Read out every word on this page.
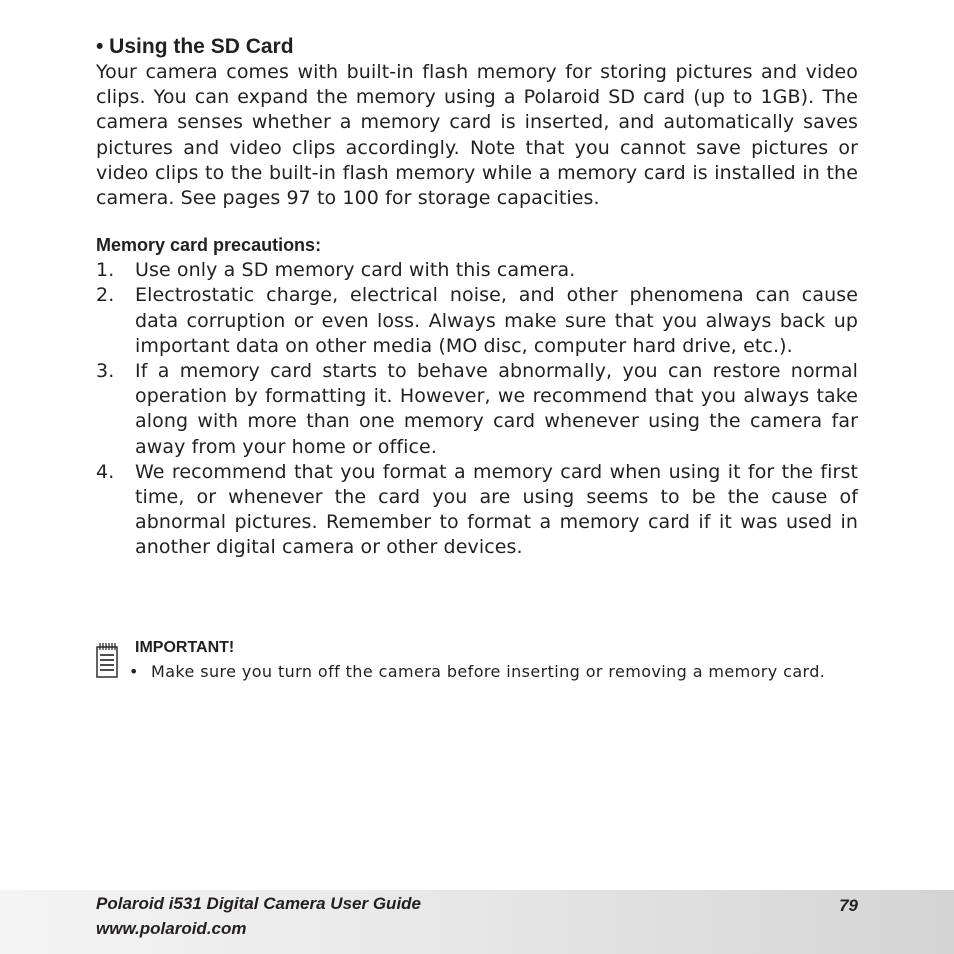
• Using the SD Card
Your camera comes with built-in flash memory for storing pictures and video clips. You can expand the memory using a Polaroid SD card (up to 1GB). The camera senses whether a memory card is inserted, and automatically saves pictures and video clips accordingly. Note that you cannot save pictures or video clips to the built-in flash memory while a memory card is installed in the camera. See pages 97 to 100 for storage capacities.
Memory card precautions:
1. Use only a SD memory card with this camera.
2. Electrostatic charge, electrical noise, and other phenomena can cause data corruption or even loss. Always make sure that you always back up important data on other media (MO disc, computer hard drive, etc.).
3. If a memory card starts to behave abnormally, you can restore normal operation by formatting it. However, we recommend that you always take along with more than one memory card whenever using the camera far away from your home or office.
4. We recommend that you format a memory card when using it for the first time, or whenever the card you are using seems to be the cause of abnormal pictures. Remember to format a memory card if it was used in another digital camera or other devices.
IMPORTANT!
• Make sure you turn off the camera before inserting or removing a memory card.
Polaroid i531 Digital Camera User Guide
www.polaroid.com
79
